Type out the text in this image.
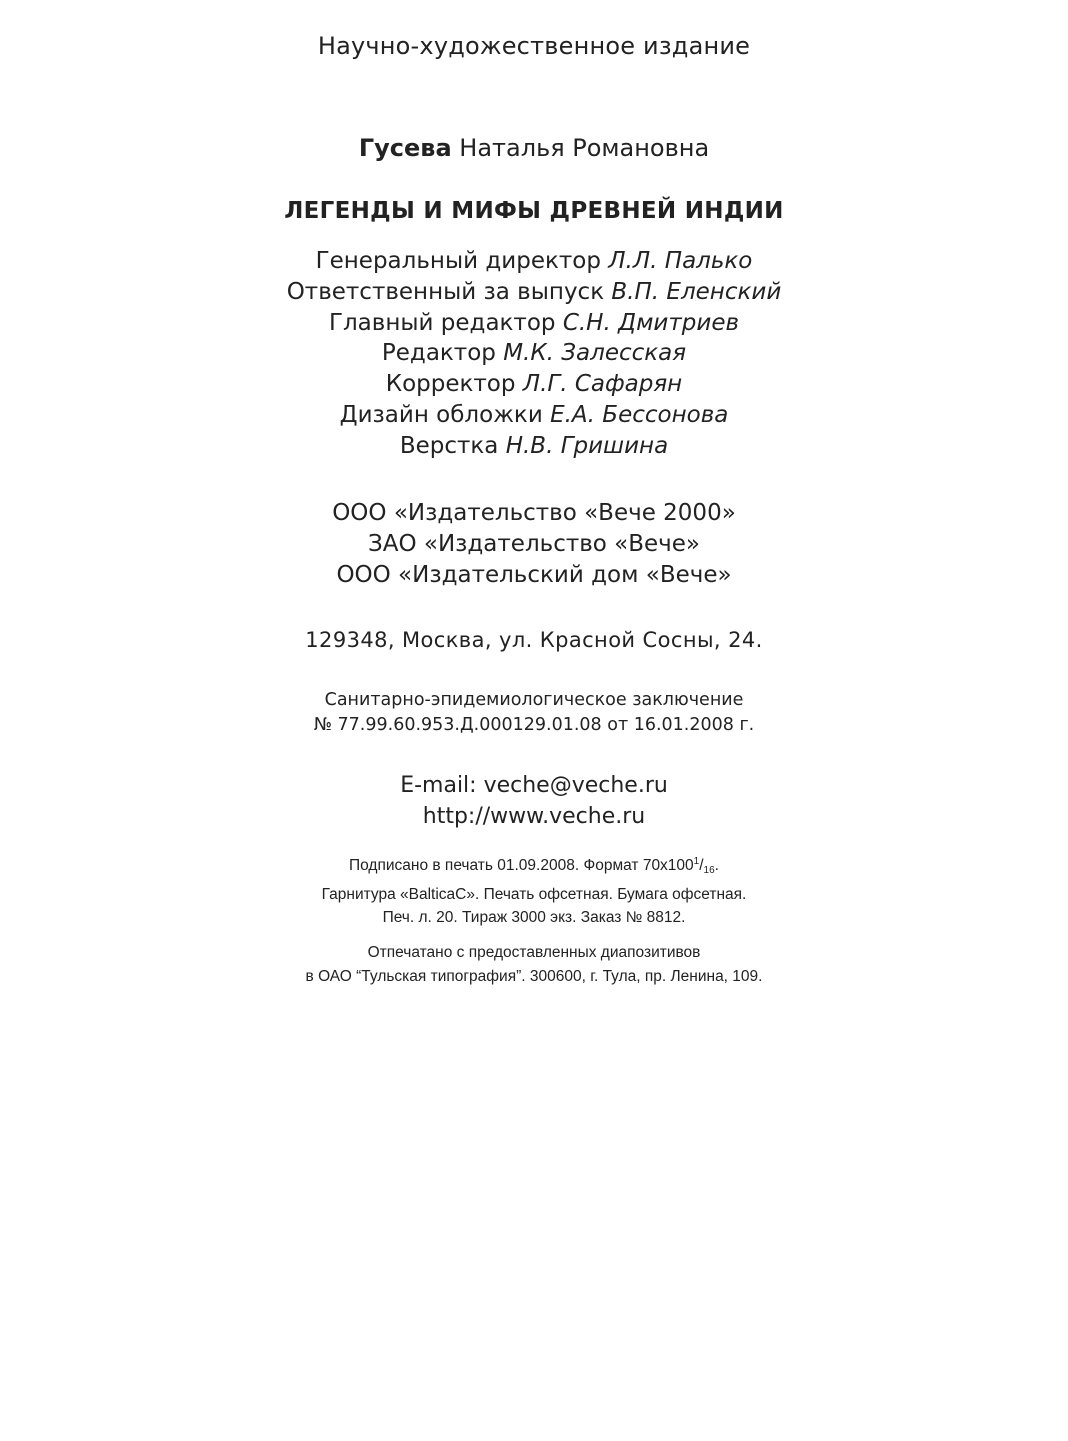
Научно-художественное издание
Гусева Наталья Романовна
ЛЕГЕНДЫ И МИФЫ ДРЕВНЕЙ ИНДИИ
Генеральный директор Л.Л. Палько
Ответственный за выпуск В.П. Еленский
Главный редактор С.Н. Дмитриев
Редактор М.К. Залесская
Корректор Л.Г. Сафарян
Дизайн обложки Е.А. Бессонова
Верстка Н.В. Гришина
ООО «Издательство «Вече 2000»
ЗАО «Издательство «Вече»
ООО «Издательский дом «Вече»
129348, Москва, ул. Красной Сосны, 24.
Санитарно-эпидемиологическое заключение
№ 77.99.60.953.Д.000129.01.08 от 16.01.2008 г.
E-mail: veche@veche.ru
http://www.veche.ru
Подписано в печать 01.09.2008. Формат $70x100^1/_{16}$.
Гарнитура «BalticaC». Печать офсетная. Бумага офсетная.
Печ. л. 20. Тираж 3000 экз. Заказ № 8812.
Отпечатано с предоставленных диапозитивов
в ОАО “Тульская типография”. 300600, г. Тула, пр. Ленина, 109.
